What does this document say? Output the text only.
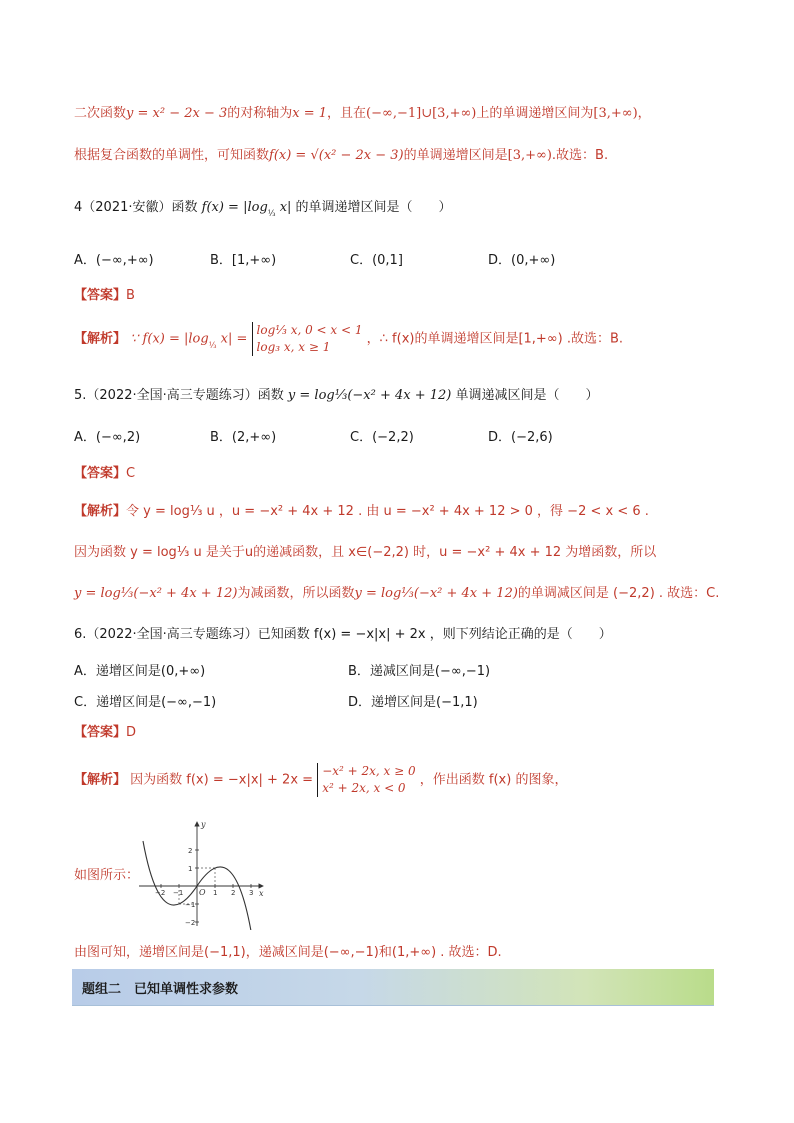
二次函数y = x² − 2x − 3的对称轴为x = 1，且在(−∞,−1]∪[3,+∞)上的单调递增区间为[3,+∞)，
根据复合函数的单调性，可知函数f(x) = √(x² − 2x − 3)的单调递增区间是[3,+∞).故选：B.
4（2021·安徽）函数 $f(x) = |\log_{\frac{1}{3}}$ x| 的单调递增区间是（　　）
A．(−∞,+∞)	B．[1,+∞)	C．(0,1]	D．(0,+∞)
【答案】B
【解析】 ∵ $f(x) = |\log_{\frac{1}{3}}$ x| = log⅓ x, 0 < x < 1
log₃ x, x ≥ 1 ，∴ f(x)的单调递增区间是[1,+∞) .故选：B.
5.（2022·全国·高三专题练习）函数 y = log⅓(−x² + 4x + 12) 单调递减区间是（　　）
A．(−∞,2)	B．(2,+∞)	C．(−2,2)	D．(−2,6)
【答案】C
【解析】令 y = log⅓ u ，u = −x² + 4x + 12 . 由 u = −x² + 4x + 12 > 0 ，得 −2 < x < 6 .
因为函数 y = log⅓ u 是关于u的递减函数，且 x∈(−2,2) 时，u = −x² + 4x + 12 为增函数，所以
y = log⅓(−x² + 4x + 12)为减函数，所以函数y = log⅓(−x² + 4x + 12)的单调减区间是 (−2,2) . 故选：C.
6.（2022·全国·高三专题练习）已知函数 f(x) = −x|x| + 2x ，则下列结论正确的是（　　）
A．递增区间是(0,+∞)	B．递减区间是(−∞,−1)
C．递增区间是(−∞,−1)	D．递增区间是(−1,1)
【答案】D
【解析】 因为函数 f(x) = −x|x| + 2x = −x² + 2x, x ≥ 0
x² + 2x, x < 0 ，作出函数 f(x) 的图象，
如图所示：
y
x
O
−2 −1	1 2 3
2
1
−1
−2
由图可知，递增区间是(−1,1)，递减区间是(−∞,−1)和(1,+∞) . 故选：D.
题组二　已知单调性求参数
